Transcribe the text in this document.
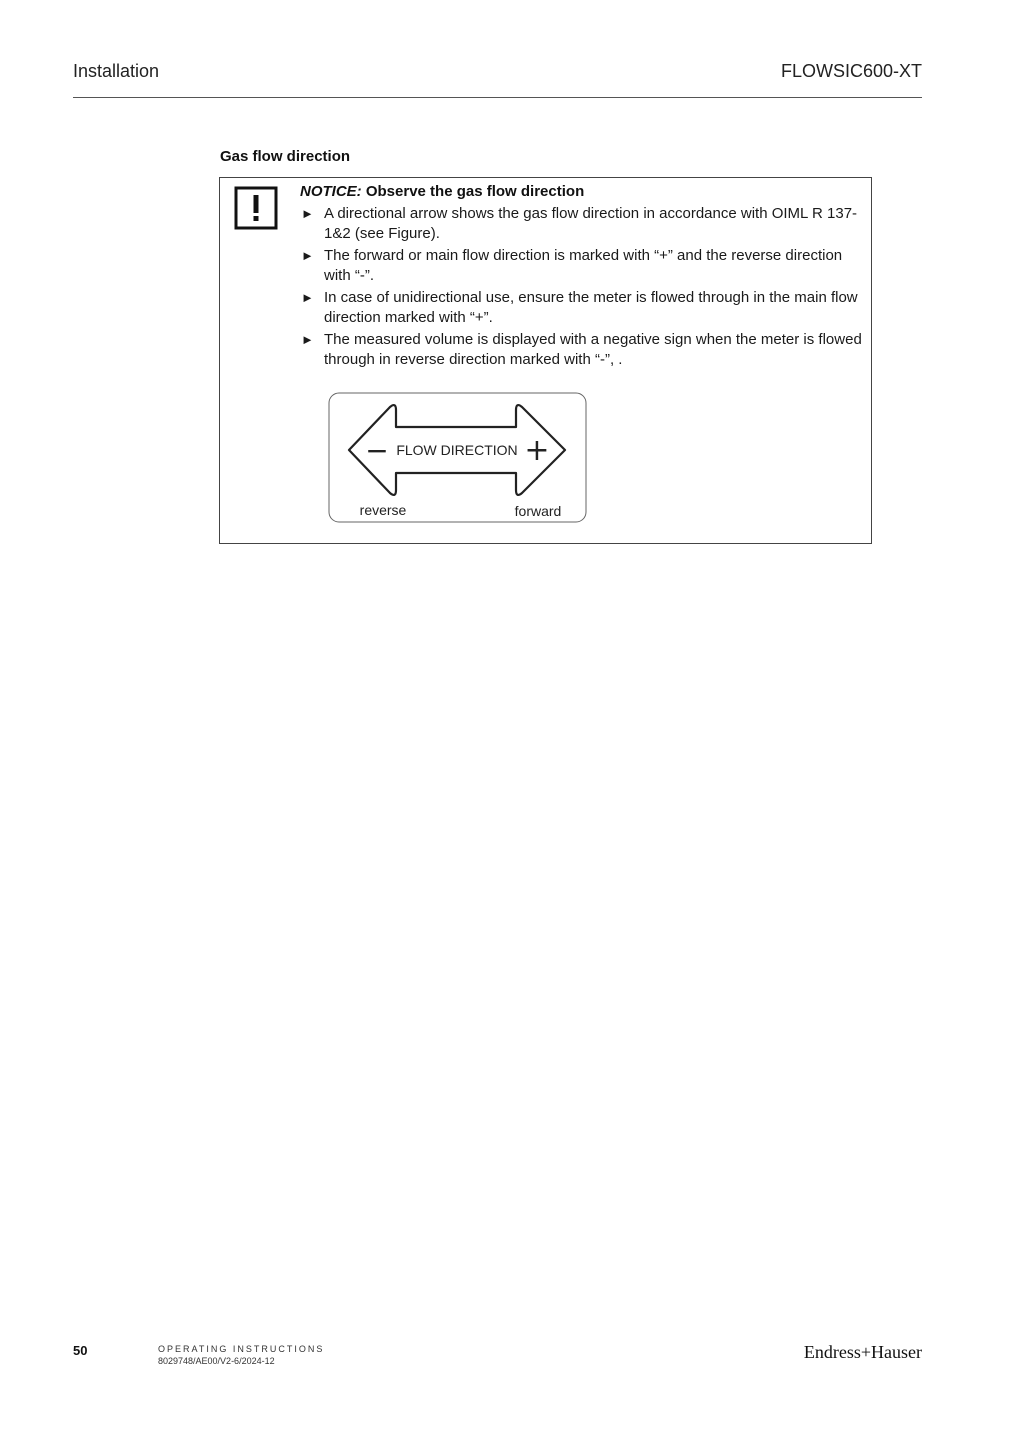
Installation	FLOWSIC600-XT
Gas flow direction
NOTICE: Observe the gas flow direction
► A directional arrow shows the gas flow direction in accordance with OIML R 137-1&2 (see Figure).
► The forward or main flow direction is marked with “+” and the reverse direction with “-”.
► In case of unidirectional use, ensure the meter is flowed through in the main flow direction marked with “+”.
► The measured volume is displayed with a negative sign when the meter is flowed through in reverse direction marked with “-”, .
− FLOW DIRECTION +
reverse	forward
50	OPERATING INSTRUCTIONS
8029748/AE00/V2-6/2024-12	Endress+Hauser
